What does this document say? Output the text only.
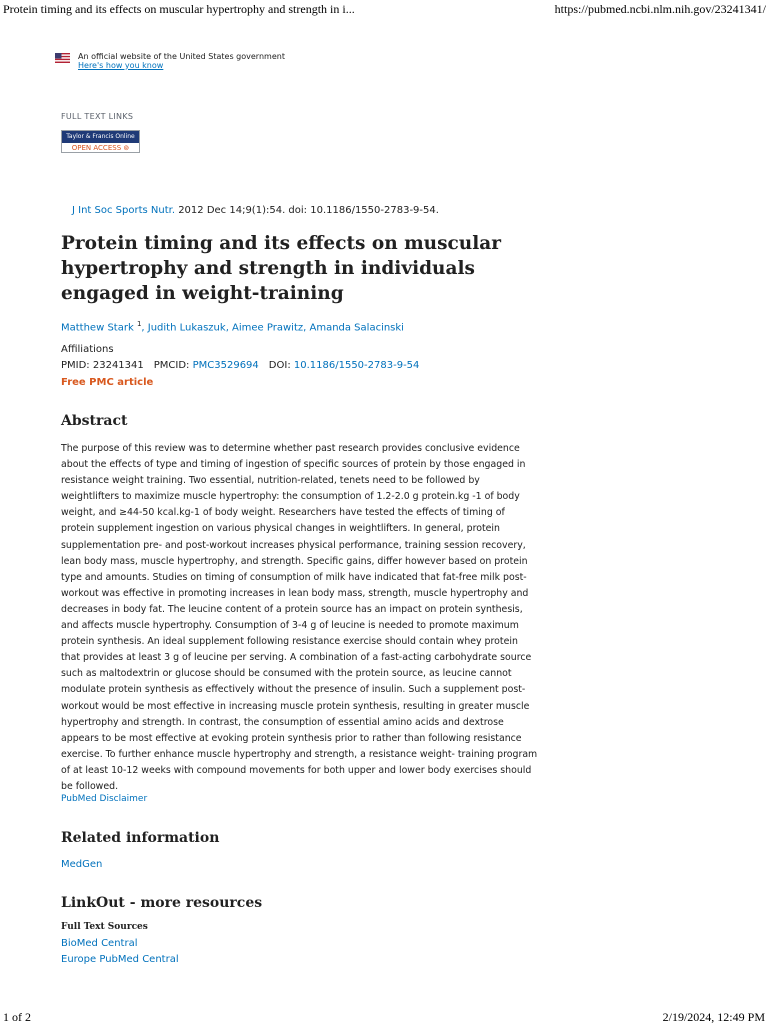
Protein timing and its effects on muscular hypertrophy and strength in i...	https://pubmed.ncbi.nlm.nih.gov/23241341/
An official website of the United States government
Here's how you know
FULL TEXT LINKS
Taylor & Francis Online
OPEN ACCESS ⊚
J Int Soc Sports Nutr. 2012 Dec 14;9(1):54. doi: 10.1186/1550-2783-9-54.
Protein timing and its effects on muscular hypertrophy and strength in individuals engaged in weight-training
Matthew Stark $^1$, Judith Lukaszuk, Aimee Prawitz, Amanda Salacinski
Affiliations
PMID: 23241341 PMCID: PMC3529694 DOI: 10.1186/1550-2783-9-54
Free PMC article
Abstract

The purpose of this review was to determine whether past research provides conclusive evidence about the effects of type and timing of ingestion of specific sources of protein by those engaged in resistance weight training. Two essential, nutrition-related, tenets need to be followed by weightlifters to maximize muscle hypertrophy: the consumption of 1.2-2.0 g protein.kg -1 of body weight, and ≥44-50 kcal.kg-1 of body weight. Researchers have tested the effects of timing of protein supplement ingestion on various physical changes in weightlifters. In general, protein supplementation pre- and post-workout increases physical performance, training session recovery, lean body mass, muscle hypertrophy, and strength. Specific gains, differ however based on protein type and amounts. Studies on timing of consumption of milk have indicated that fat-free milk post-workout was effective in promoting increases in lean body mass, strength, muscle hypertrophy and decreases in body fat. The leucine content of a protein source has an impact on protein synthesis, and affects muscle hypertrophy. Consumption of 3-4 g of leucine is needed to promote maximum protein synthesis. An ideal supplement following resistance exercise should contain whey protein that provides at least 3 g of leucine per serving. A combination of a fast-acting carbohydrate source such as maltodextrin or glucose should be consumed with the protein source, as leucine cannot modulate protein synthesis as effectively without the presence of insulin. Such a supplement post-workout would be most effective in increasing muscle protein synthesis, resulting in greater muscle hypertrophy and strength. In contrast, the consumption of essential amino acids and dextrose appears to be most effective at evoking protein synthesis prior to rather than following resistance exercise. To further enhance muscle hypertrophy and strength, a resistance weight- training program of at least 10-12 weeks with compound movements for both upper and lower body exercises should be followed.

PubMed Disclaimer
Related information
MedGen
LinkOut - more resources
Full Text Sources
BioMed Central
Europe PubMed Central
1 of 2	2/19/2024, 12:49 PM
